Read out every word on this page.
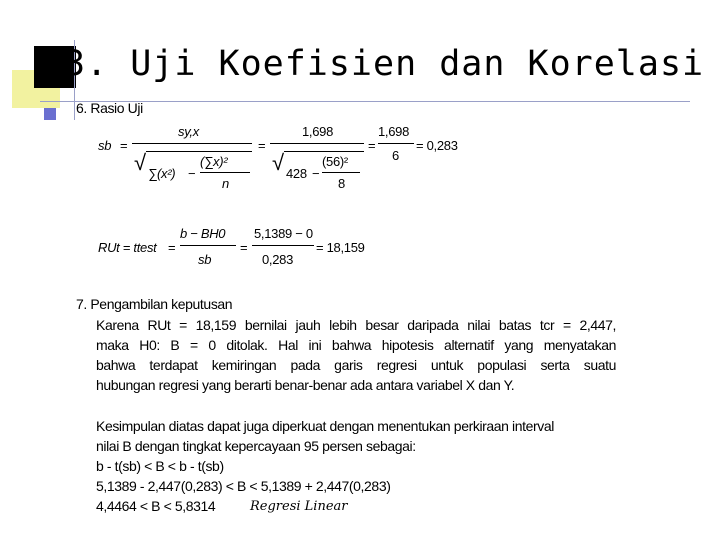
3. Uji Koefisien dan Korelasi
6. Rasio Uji
sb =
sy,x
√ ∑(x²) −
(∑x)²
n
=
1,698
√ 428 −
(56)²
8
=
1,698
6
= 0,283
RUt = ttest =
b − BH0
sb
=
5,1389 − 0
0,283
= 18,159
7. Pengambilan keputusan
Karena RUt = 18,159 bernilai jauh lebih besar daripada nilai batas tcr = 2,447,
maka H0: B = 0 ditolak. Hal ini bahwa hipotesis alternatif yang menyatakan
bahwa terdapat kemiringan pada garis regresi untuk populasi serta suatu
hubungan regresi yang berarti benar-benar ada antara variabel X dan Y.
Kesimpulan diatas dapat juga diperkuat dengan menentukan perkiraan interval
nilai B dengan tingkat kepercayaan 95 persen sebagai:
b - t(sb) < B < b - t(sb)
5,1389 - 2,447(0,283) < B < 5,1389 + 2,447(0,283)
4,4464 < B < 5,8314	Regresi Linear
